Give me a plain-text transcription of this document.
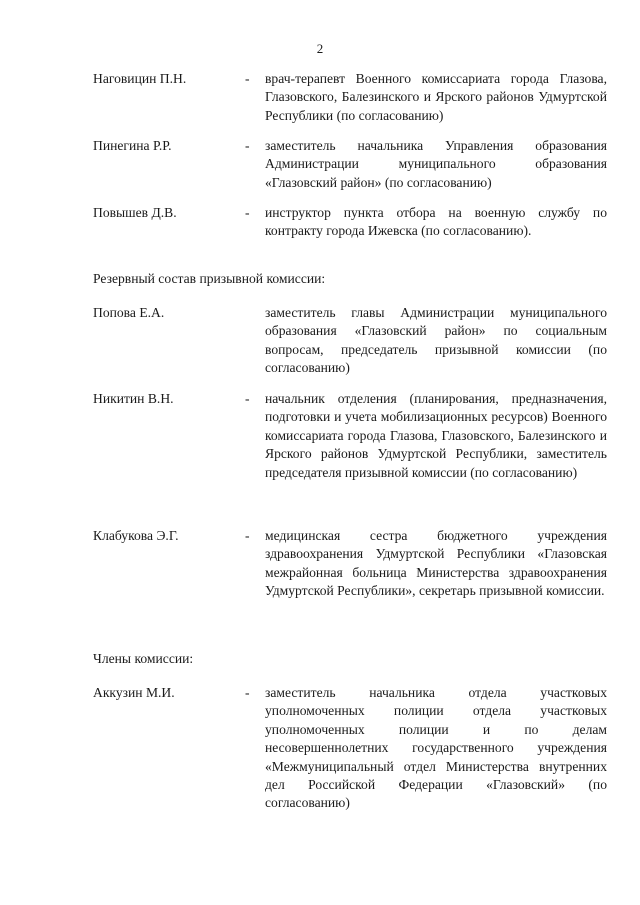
2
Наговицин П.Н.	- врач-терапевт Военного комиссариата города Глазова, Глазовского, Балезинского и Ярского районов Удмуртской Республики (по согласованию)
Пинегина Р.Р.	- заместитель начальника Управления образования Администрации муниципального образования «Глазовский район» (по согласованию)
Повышев Д.В.	- инструктор пункта отбора на военную службу по контракту города Ижевска (по согласованию).
Резервный состав призывной комиссии:
Попова Е.А.	заместитель главы Администрации муниципального образования «Глазовский район» по социальным вопросам, председатель призывной комиссии (по согласованию)
Никитин В.Н.	- начальник отделения (планирования, предназначения, подготовки и учета мобилизационных ресурсов) Военного комиссариата города Глазова, Глазовского, Балезинского и Ярского районов Удмуртской Республики, заместитель председателя призывной комиссии (по согласованию)
Клабукова Э.Г.	- медицинская сестра бюджетного учреждения здравоохранения Удмуртской Республики «Глазовская межрайонная больница Министерства здравоохранения Удмуртской Республики», секретарь призывной комиссии.
Члены комиссии:
Аккузин М.И.	- заместитель начальника отдела участковых уполномоченных полиции отдела участковых уполномоченных полиции и по делам несовершеннолетних государственного учреждения «Межмуниципальный отдел Министерства внутренних дел Российской Федерации «Глазовский» (по согласованию)
